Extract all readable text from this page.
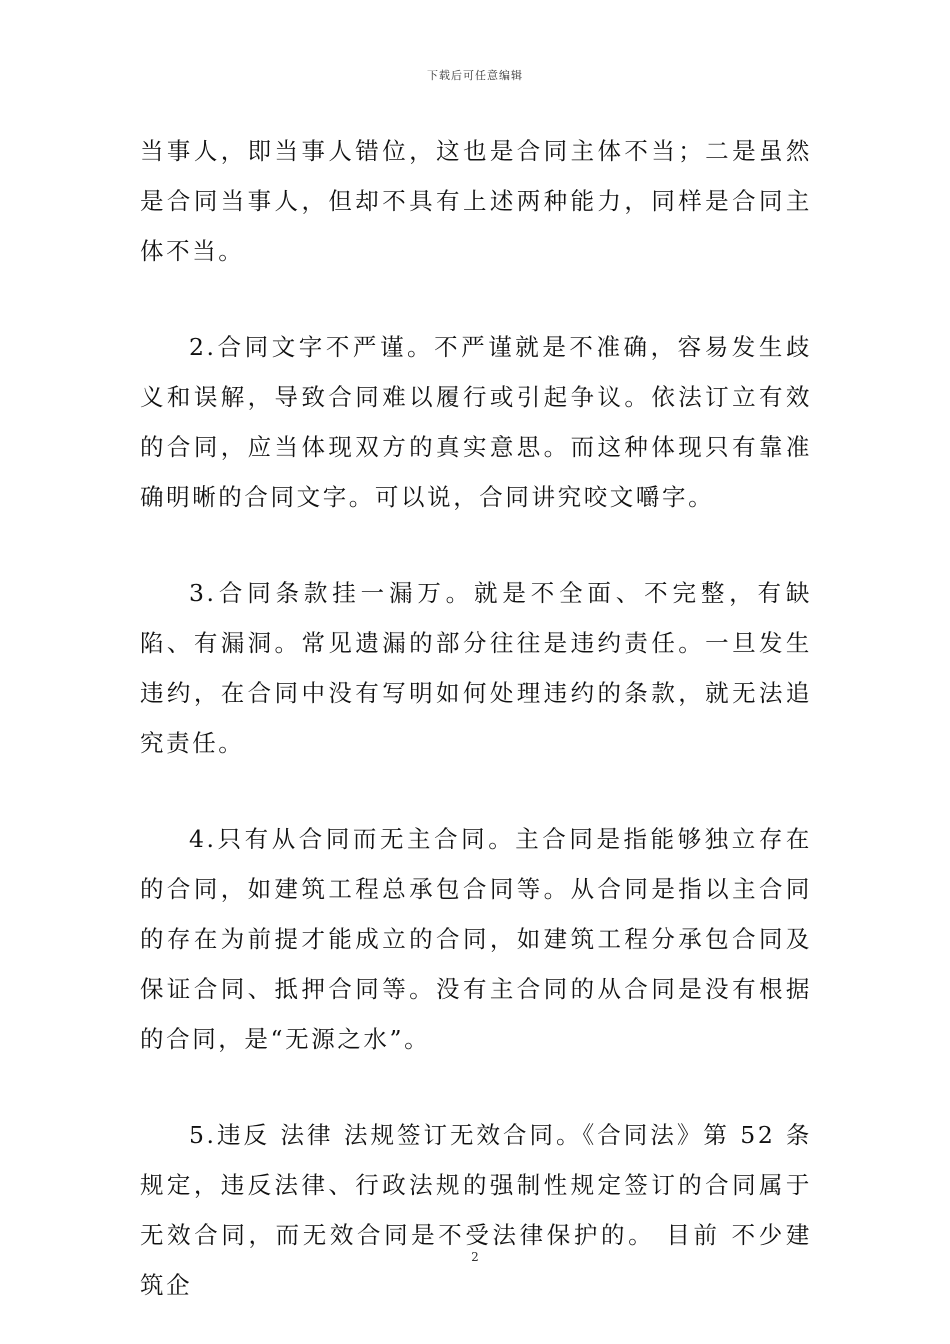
下载后可任意编辑

当事人，即当事人错位，这也是合同主体不当；二是虽然是合同当事人，但却不具有上述两种能力，同样是合同主体不当。

2.合同文字不严谨。不严谨就是不准确，容易发生歧义和误解，导致合同难以履行或引起争议。依法订立有效的合同，应当体现双方的真实意思。而这种体现只有靠准确明晰的合同文字。可以说，合同讲究咬文嚼字。

3.合同条款挂一漏万。就是不全面、不完整，有缺陷、有漏洞。常见遗漏的部分往往是违约责任。一旦发生违约，在合同中没有写明如何处理违约的条款，就无法追究责任。

4.只有从合同而无主合同。主合同是指能够独立存在的合同，如建筑工程总承包合同等。从合同是指以主合同的存在为前提才能成立的合同，如建筑工程分承包合同及保证合同、抵押合同等。没有主合同的从合同是没有根据的合同，是“无源之水”。

5.违反 法律 法规签订无效合同。《合同法》第 52 条规定，违反法律、行政法规的强制性规定签订的合同属于无效合同，而无效合同是不受法律保护的。 目前 不少建筑企

2
